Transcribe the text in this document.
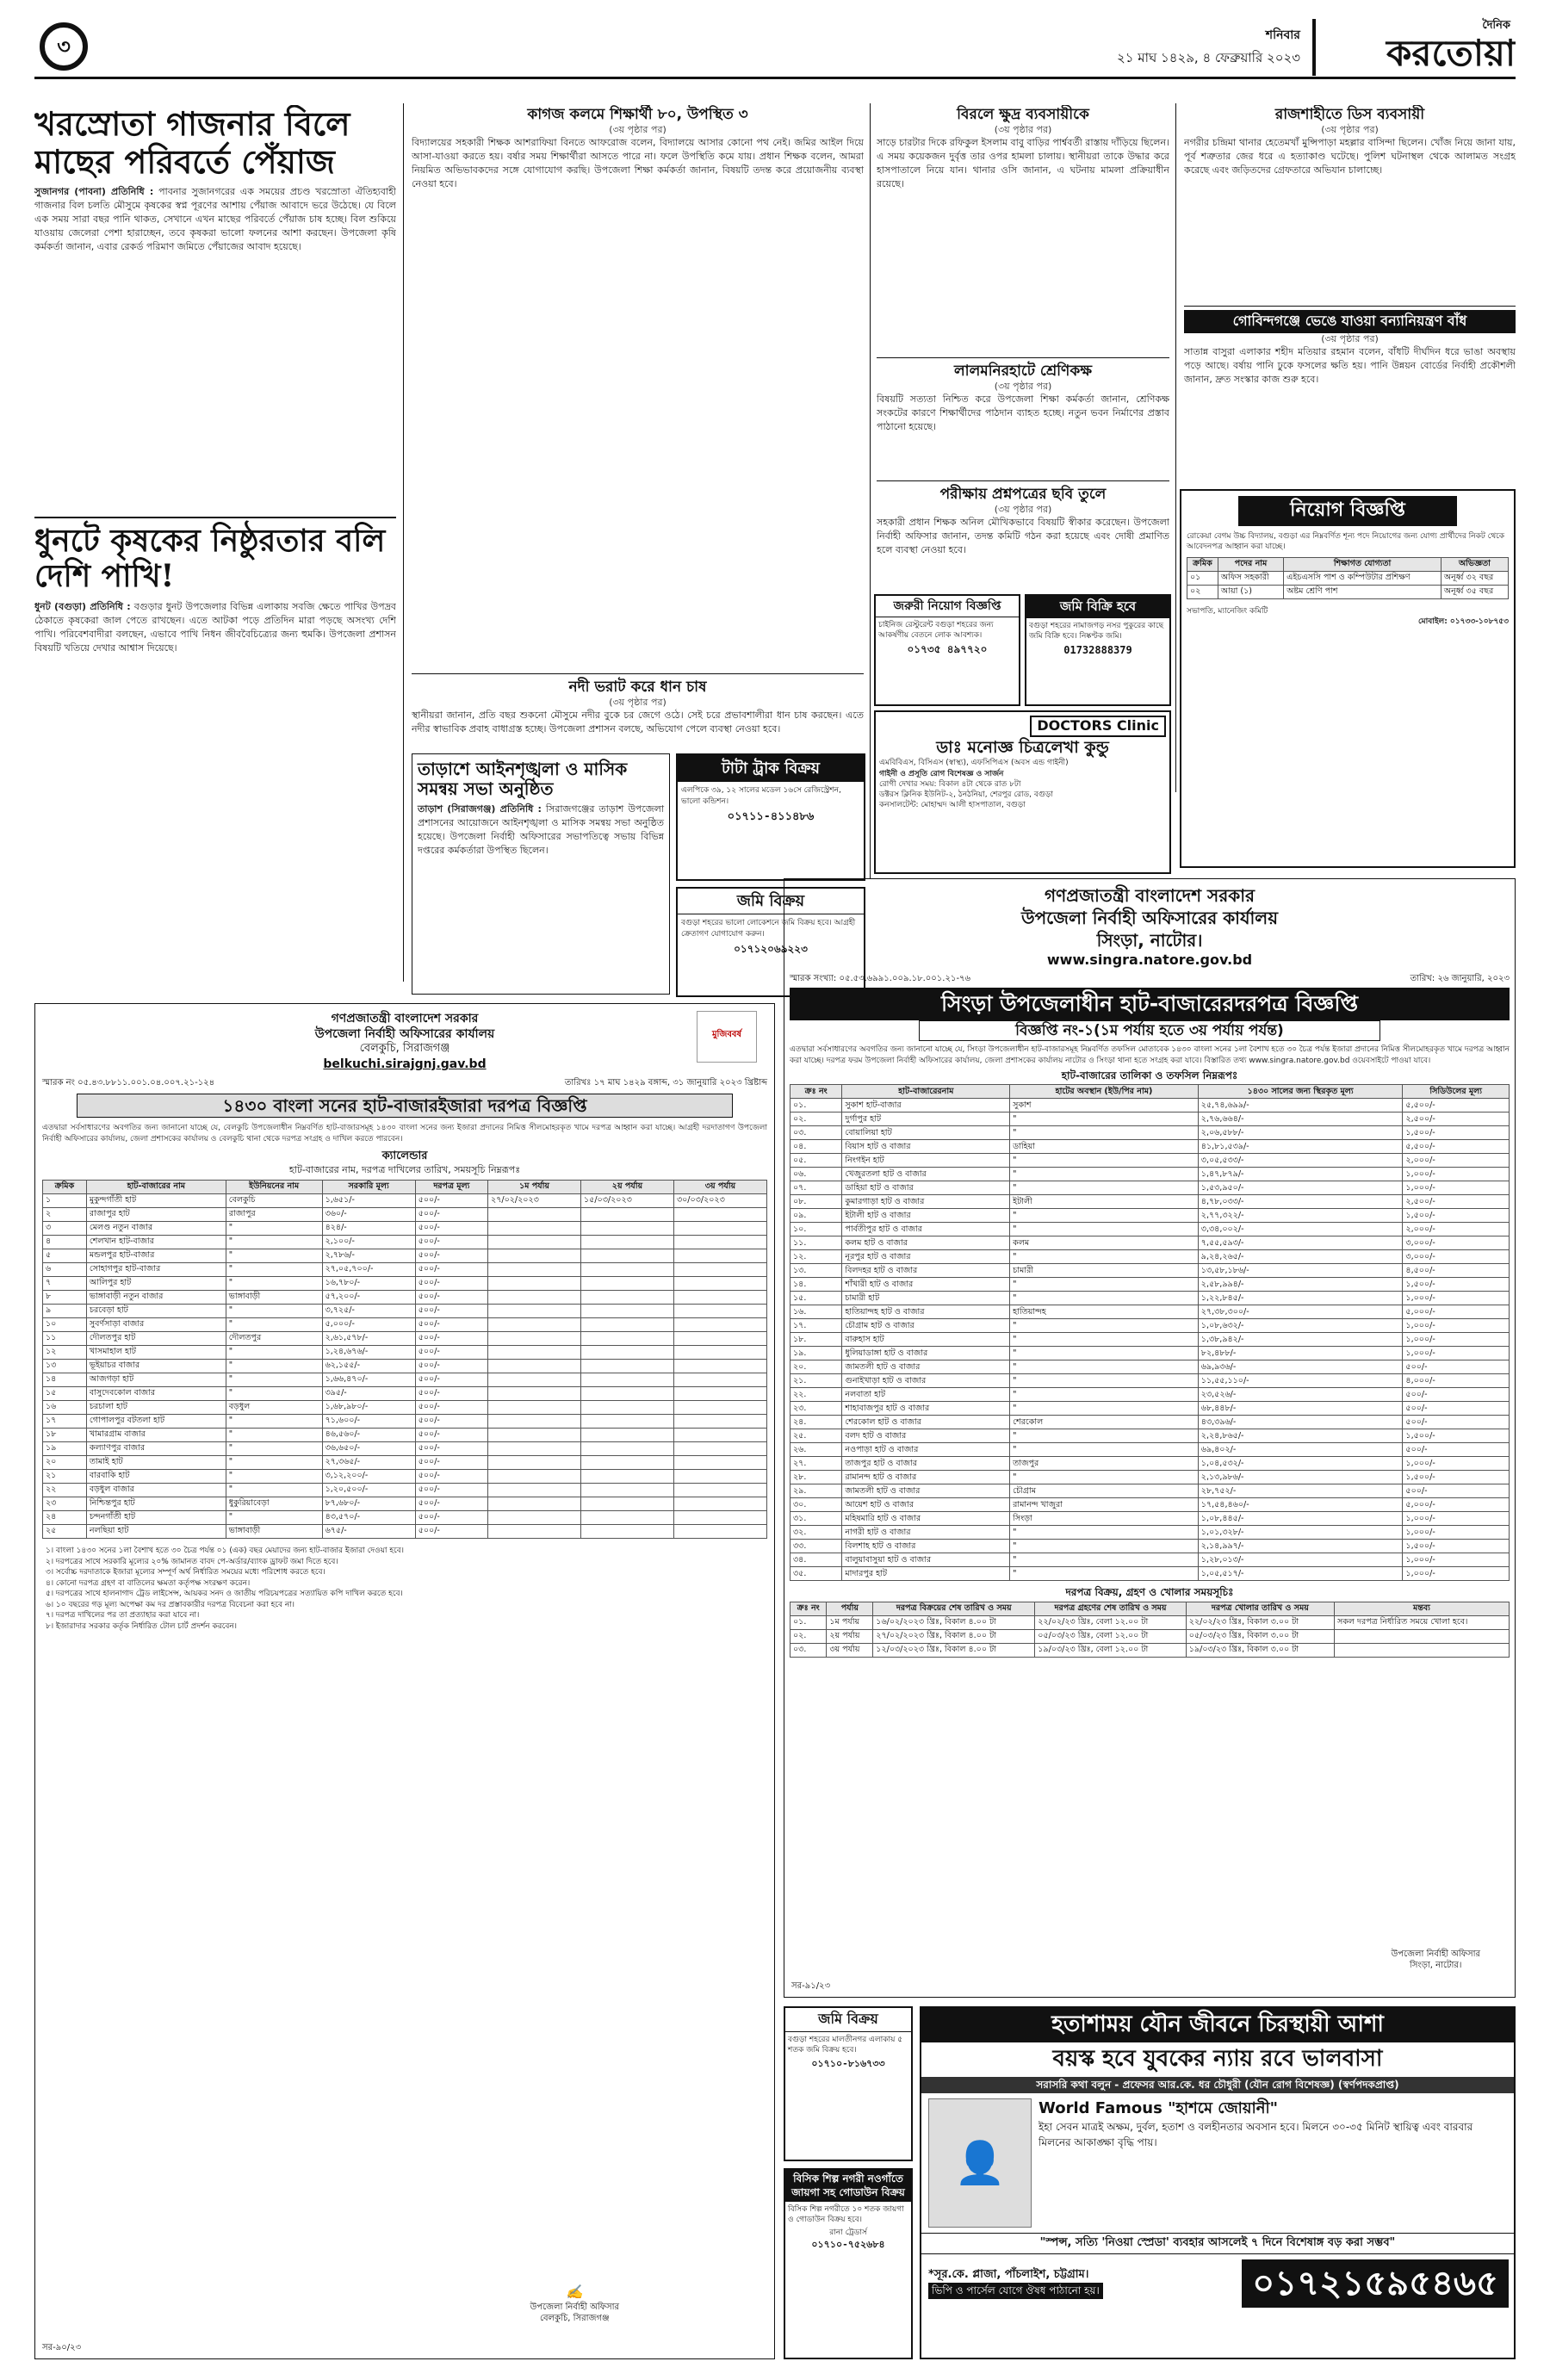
৩	শনিবার
২১ মাঘ ১৪২৯, ৪ ফেব্রুয়ারি ২০২৩
দৈনিক
করতোয়া
খরস্রোতা গাজনার বিলে মাছের পরিবর্তে পেঁয়াজ
সুজানগর (পাবনা) প্রতিনিধি : পাবনার সুজানগরের এক সময়ের প্রচণ্ড খরস্রোতা ঐতিহ্যবাহী গাজনার বিল চলতি মৌসুমে কৃষকের স্বপ্ন পূরণের আশায় পেঁয়াজ আবাদে ভরে উঠেছে। যে বিলে এক সময় সারা বছর পানি থাকত, সেখানে এখন মাছের পরিবর্তে পেঁয়াজ চাষ হচ্ছে। বিল শুকিয়ে যাওয়ায় জেলেরা পেশা হারাচ্ছেন, তবে কৃষকরা ভালো ফলনের আশা করছেন। উপজেলা কৃষি কর্মকর্তা জানান, এবার রেকর্ড পরিমাণ জমিতে পেঁয়াজের আবাদ হয়েছে।
ধুনটে কৃষকের নিষ্ঠুরতার বলি দেশি পাখি!
ধুনট (বগুড়া) প্রতিনিধি : বগুড়ার ধুনট উপজেলার বিভিন্ন এলাকায় সবজি ক্ষেতে পাখির উপদ্রব ঠেকাতে কৃষকেরা জাল পেতে রাখছেন। এতে আটকা পড়ে প্রতিদিন মারা পড়ছে অসংখ্য দেশি পাখি। পরিবেশবাদীরা বলছেন, এভাবে পাখি নিধন জীববৈচিত্র্যের জন্য হুমকি। উপজেলা প্রশাসন বিষয়টি খতিয়ে দেখার আশ্বাস দিয়েছে।
কাগজ কলমে শিক্ষার্থী ৮০, উপস্থিত ৩
(৩য় পৃষ্ঠার পর)
বিদ্যালয়ের সহকারী শিক্ষক আশরাফিয়া বিনতে আফরোজ বলেন, বিদ্যালয়ে আসার কোনো পথ নেই। জমির আইল দিয়ে আসা-যাওয়া করতে হয়। বর্ষার সময় শিক্ষার্থীরা আসতে পারে না। ফলে উপস্থিতি কমে যায়। প্রধান শিক্ষক বলেন, আমরা নিয়মিত অভিভাবকদের সঙ্গে যোগাযোগ করছি। উপজেলা শিক্ষা কর্মকর্তা জানান, বিষয়টি তদন্ত করে প্রয়োজনীয় ব্যবস্থা নেওয়া হবে।
নদী ভরাট করে ধান চাষ
(৩য় পৃষ্ঠার পর)
স্থানীয়রা জানান, প্রতি বছর শুকনো মৌসুমে নদীর বুকে চর জেগে ওঠে। সেই চরে প্রভাবশালীরা ধান চাষ করছেন। এতে নদীর স্বাভাবিক প্রবাহ বাধাগ্রস্ত হচ্ছে। উপজেলা প্রশাসন বলছে, অভিযোগ পেলে ব্যবস্থা নেওয়া হবে।
তাড়াশে আইনশৃঙ্খলা ও মাসিক সমন্বয় সভা অনুষ্ঠিত
তাড়াশ (সিরাজগঞ্জ) প্রতিনিধি : সিরাজগঞ্জের তাড়াশ উপজেলা প্রশাসনের আয়োজনে আইনশৃঙ্খলা ও মাসিক সমন্বয় সভা অনুষ্ঠিত হয়েছে। উপজেলা নির্বাহী অফিসারের সভাপতিত্বে সভায় বিভিন্ন দপ্তরের কর্মকর্তারা উপস্থিত ছিলেন।
টাটা ট্রাক বিক্রয়
এলপিকে ৩৯, ১২ সালের মডেল ১৬সে রেজিস্ট্রেশন, ভালো কন্ডিশন।
০১৭১১-৪১১৪৮৬
জমি বিক্রয়
বগুড়া শহরের ভালো লোকেশনে জমি বিক্রয় হবে। আগ্রহী ক্রেতাগণ যোগাযোগ করুন।
০১৭১২০৬৯২২৩
বিরলে ক্ষুদ্র ব্যবসায়ীকে
(৩য় পৃষ্ঠার পর)
সাড়ে চারটার দিকে রফিকুল ইসলাম বাবু বাড়ির পার্শ্ববর্তী রাস্তায় দাঁড়িয়ে ছিলেন। এ সময় কয়েকজন দুর্বৃত্ত তার ওপর হামলা চালায়। স্থানীয়রা তাকে উদ্ধার করে হাসপাতালে নিয়ে যান। থানার ওসি জানান, এ ঘটনায় মামলা প্রক্রিয়াধীন রয়েছে।
লালমনিরহাটে শ্রেণিকক্ষ
(৩য় পৃষ্ঠার পর)
বিষয়টি সত্যতা নিশ্চিত করে উপজেলা শিক্ষা কর্মকর্তা জানান, শ্রেণিকক্ষ সংকটের কারণে শিক্ষার্থীদের পাঠদান ব্যাহত হচ্ছে। নতুন ভবন নির্মাণের প্রস্তাব পাঠানো হয়েছে।
পরীক্ষায় প্রশ্নপত্রের ছবি তুলে
(৩য় পৃষ্ঠার পর)
সহকারী প্রধান শিক্ষক অনিল মৌখিকভাবে বিষয়টি স্বীকার করেছেন। উপজেলা নির্বাহী অফিসার জানান, তদন্ত কমিটি গঠন করা হয়েছে এবং দোষী প্রমাণিত হলে ব্যবস্থা নেওয়া হবে।
জরুরী নিয়োগ বিজ্ঞপ্তি
চাইনিজ রেস্টুরেন্ট বগুড়া শহরের জন্য আকর্ষণীয় বেতনে লোক আবশ্যক।
০১৭৩৫ ৪৯৭৭২০
জমি বিক্রি হবে
বগুড়া শহরের নামাজগড় নসর পুকুরের কাছে জমি বিক্রি হবে। নিষ্কণ্টক জমি।
01732888379
DOCTORS Clinic
ডাঃ মনোজ্ঞ চিত্রলেখা কুন্ডু
এমবিবিএস, বিসিএস (স্বাস্থ্য), এফসিপিএস (অবস এন্ড গাইনী)
গাইনী ও প্রসূতি রোগ বিশেষজ্ঞ ও সার্জন
রোগী দেখার সময়: বিকাল ৪টা থেকে রাত ৮টা
ডক্টরস ক্লিনিক ইউনিট-২, ঠনঠনিয়া, শেরপুর রোড, বগুড়া
কনসালটেন্ট: মোহাম্মদ আলী হাসপাতাল, বগুড়া
রাজশাহীতে ডিস ব্যবসায়ী
(৩য় পৃষ্ঠার পর)
নগরীর চন্দ্রিমা থানার হেতেমখাঁ মুন্সিপাড়া মহল্লার বাসিন্দা ছিলেন। খোঁজ নিয়ে জানা যায়, পূর্ব শত্রুতার জের ধরে এ হত্যাকাণ্ড ঘটেছে। পুলিশ ঘটনাস্থল থেকে আলামত সংগ্রহ করেছে এবং জড়িতদের গ্রেফতারে অভিযান চালাচ্ছে।
গোবিন্দগঞ্জে ভেঙে যাওয়া বন্যানিয়ন্ত্রণ বাঁধ
(৩য় পৃষ্ঠার পর)
সাতান্ন বাসুরা এলাকার শহীদ মতিয়ার রহমান বলেন, বাঁধটি দীর্ঘদিন ধরে ভাঙা অবস্থায় পড়ে আছে। বর্ষায় পানি ঢুকে ফসলের ক্ষতি হয়। পানি উন্নয়ন বোর্ডের নির্বাহী প্রকৌশলী জানান, দ্রুত সংস্কার কাজ শুরু হবে।
নিয়োগ বিজ্ঞপ্তি
রোকেয়া বেগম উচ্চ বিদ্যালয়, বগুড়া এর নিম্নবর্ণিত শূন্য পদে নিয়োগের জন্য যোগ্য প্রার্থীদের নিকট থেকে আবেদনপত্র আহ্বান করা যাচ্ছে।
ক্রমিক	পদের নাম	শিক্ষাগত যোগ্যতা	অভিজ্ঞতা
০১	অফিস সহকারী	এইচএসসি পাশ ও কম্পিউটার প্রশিক্ষণ	অনূর্ধ্ব ৩২ বছর
০২	আয়া (১)	অষ্টম শ্রেণি পাশ	অনূর্ধ্ব ৩৫ বছর
সভাপতি, ম্যানেজিং কমিটি
মোবাইল: ০১৭৩৩-১০৮৭৫৩
গণপ্রজাতন্ত্রী বাংলাদেশ সরকার
উপজেলা নির্বাহী অফিসারের কার্যালয়
বেলকুচি, সিরাজগঞ্জ
belkuchi.sirajgnj.gav.bd
মুজিববর্ষ
স্মারক নং ০৫.৪৩.৮৮১১.০০১.০৪.০০৭.২১-১২৪	তারিখঃ ১৭ মাঘ ১৪২৯ বঙ্গাব্দ, ৩১ জানুয়ারি ২০২৩ খ্রিষ্টাব্দ
১৪৩০ বাংলা সনের হাট-বাজারইজারা দরপত্র বিজ্ঞপ্তি
এতদ্বারা সর্বসাধারণের অবগতির জন্য জানানো যাচ্ছে যে, বেলকুচি উপজেলাধীন নিম্নবর্ণিত হাট-বাজারসমূহ ১৪৩০ বাংলা সনের জন্য ইজারা প্রদানের নিমিত্ত সীলমোহরকৃত খামে দরপত্র আহ্বান করা যাচ্ছে। আগ্রহী দরদাতাগণ উপজেলা নির্বাহী অফিসারের কার্যালয়, জেলা প্রশাসকের কার্যালয় ও বেলকুচি থানা থেকে দরপত্র সংগ্রহ ও দাখিল করতে পারবেন।
ক্যালেন্ডার
হাট-বাজারের নাম, দরপত্র দাখিলের তারিখ, সময়সূচি নিম্নরূপঃ
ক্রমিক	হাট-বাজারের নাম	ইউনিয়নের নাম	সরকারি মূল্য	দরপত্র মূল্য	১ম পর্যায়	২য় পর্যায়	৩য় পর্যায়
১	মুকুন্দগাঁতী হাট	বেলকুচি	১,৬৫১/-	৫০০/-	২৭/০২/২০২৩	১৫/০৩/২০২৩	৩০/০৩/২০২৩
২	রাজাপুর হাট	রাজাপুর	৩৬০/-	৫০০/-			
৩	মেলণ্ড নতুন বাজার	"	৪২৪/-	৫০০/-			
৪	শেলখান হাট-বাজার	"	২,১০০/-	৫০০/-			
৫	মন্ডলপুর হাট-বাজার	"	২,৭৮৬/-	৫০০/-			
৬	সোহাগপুর হাট-বাজার	"	২৭,০৫,৭০০/-	৫০০/-			
৭	আলিপুর হাট	"	১৬,৭৮০/-	৫০০/-			
৮	ভাঙ্গাবাড়ী নতুন বাজার	ভাঙ্গাবাড়ী	৫৭,২০০/-	৫০০/-			
৯	চরবেড়া হাট	"	৩,৭২৫/-	৫০০/-			
১০	সুবর্ণসাড়া বাজার	"	৫,০০০/-	৫০০/-			
১১	দৌলতপুর হাট	দৌলতপুর	২,৬১,৫৭৮/-	৫০০/-			
১২	খাসমাহাল হাট	"	১,২৪,৬৭৬/-	৫০০/-			
১৩	ভূইয়াচর বাজার	"	৬২,১৫৫/-	৫০০/-			
১৪	আজগড়া হাট	"	১,৬৬,৪৭০/-	৫০০/-			
১৫	বাসুদেবকোল বাজার	"	৩৯৫/-	৫০০/-			
১৬	চরচালা হাট	বড়ধুল	১,৬৮,৯৮০/-	৫০০/-			
১৭	গোপালপুর বটতলা হাট	"	৭১,৬০০/-	৫০০/-			
১৮	খামারগ্রাম বাজার	"	৪৬,৫৬০/-	৫০০/-			
১৯	কল্যাণপুর বাজার	"	৩৬,৬৫০/-	৫০০/-			
২০	তামাই হাট	"	২৭,৩৬৫/-	৫০০/-			
২১	বারবাকি হাট	"	৩,১২,২০০/-	৫০০/-			
২২	বড়ধুল বাজার	"	১,২০,৫০০/-	৫০০/-			
২৩	নিশ্চিন্তপুর হাট	ধুকুরিয়াবেড়া	৮৭,৬৮০/-	৫০০/-			
২৪	চন্দনগাঁতী হাট	"	৪৩,৫৭০/-	৫০০/-			
২৫	নলছিয়া হাট	ভাঙ্গাবাড়ী	৬৭৫/-	৫০০/-			
১। বাংলা ১৪৩০ সনের ১লা বৈশাখ হতে ৩০ চৈত্র পর্যন্ত ০১ (এক) বছর মেয়াদের জন্য হাট-বাজার ইজারা দেওয়া হবে।
২। দরপত্রের সাথে সরকারি মূল্যের ২০% জামানত বাবদ পে-অর্ডার/ব্যাংক ড্রাফট জমা দিতে হবে।
৩। সর্বোচ্চ দরদাতাকে ইজারা মূল্যের সম্পূর্ণ অর্থ নির্ধারিত সময়ের মধ্যে পরিশোধ করতে হবে।
৪। কোনো দরপত্র গ্রহণ বা বাতিলের ক্ষমতা কর্তৃপক্ষ সংরক্ষণ করেন।
৫। দরপত্রের সাথে হালনাগাদ ট্রেড লাইসেন্স, আয়কর সনদ ও জাতীয় পরিচয়পত্রের সত্যায়িত কপি দাখিল করতে হবে।
৬। ১০ বছরের গড় মূল্য অপেক্ষা কম দর প্রস্তাবকারীর দরপত্র বিবেচনা করা হবে না।
৭। দরপত্র দাখিলের পর তা প্রত্যাহার করা যাবে না।
৮। ইজারাদার সরকার কর্তৃক নির্ধারিত টোল চার্ট প্রদর্শন করবেন।
✍
উপজেলা নির্বাহী অফিসার
বেলকুচি, সিরাজগঞ্জ
সর-৯০/২৩
গণপ্রজাতন্ত্রী বাংলাদেশ সরকার
উপজেলা নির্বাহী অফিসারের কার্যালয়
সিংড়া, নাটোর।
www.singra.natore.gov.bd
স্মারক সংখ্যা: ০৫.৫৩.৬৯৯১.০০৯.১৮.০০১.২১-৭৬	তারিখ: ২৬ জানুয়ারি, ২০২৩
সিংড়া উপজেলাধীন হাট-বাজারেরদরপত্র বিজ্ঞপ্তি
বিজ্ঞপ্তি নং-১(১ম পর্যায় হতে ৩য় পর্যায় পর্যন্ত)
এতদ্বারা সর্বসাধারণের অবগতির জন্য জানানো যাচ্ছে যে, সিংড়া উপজেলাধীন হাট-বাজারসমূহ নিম্নবর্ণিত তফসিল মোতাবেক ১৪৩০ বাংলা সনের ১লা বৈশাখ হতে ৩০ চৈত্র পর্যন্ত ইজারা প্রদানের নিমিত্ত সীলমোহরকৃত খামে দরপত্র আহ্বান করা যাচ্ছে। দরপত্র ফরম উপজেলা নির্বাহী অফিসারের কার্যালয়, জেলা প্রশাসকের কার্যালয় নাটোর ও সিংড়া থানা হতে সংগ্রহ করা যাবে। বিস্তারিত তথ্য www.singra.natore.gov.bd ওয়েবসাইটে পাওয়া যাবে।
হাট-বাজারের তালিকা ও তফসিল নিম্নরূপঃ
ক্রঃ নং	হাট-বাজারেরনাম	হাটের অবস্থান (ইউ/পির নাম)	১৪৩০ সালের জন্য স্থিরকৃত মূল্য	সিডিউলের মূল্য
০১.	সুকাশ হাট-বাজার	সুকাশ	২৫,৭৪,৬৯৯/-	৫,৫০০/-
০২.	দুর্গাপুর হাট	"	২,৭৬,৬৬৪/-	২,৫০০/-
০৩.	বোয়ালিয়া হাট	"	২,০৬,৫৮৮/-	১,৫০০/-
০৪.	বিয়াস হাট ও বাজার	ডাহিয়া	৪১,৮১,৫৩৯/-	৫,৫০০/-
০৫.	নিংগইন হাট	"	৩,০৫,৫৩৩/-	২,০০০/-
০৬.	খেজুরতলা হাট ও বাজার	"	১,৪৭,৮৭৯/-	১,০০০/-
০৭.	ডাহিয়া হাট ও বাজার	"	১,৫৩,৯৫০/-	১,০০০/-
০৮.	কুমারগাড়া হাট ও বাজার	ইটালী	৪,৭৮,০৩৩/-	২,৫০০/-
০৯.	ইটালী হাট ও বাজার	"	২,৭৭,৩২২/-	১,৫০০/-
১০.	পার্বতীপুর হাট ও বাজার	"	৩,৩৪,০০২/-	২,০০০/-
১১.	কলম হাট ও বাজার	কলম	৭,৫৫,৫৯৩/-	৩,০০০/-
১২.	নূরপুর হাট ও বাজার	"	৯,২৪,২৬৫/-	৩,০০০/-
১৩.	বিলদহর হাট ও বাজার	চামারী	১৩,৫৮,১৮৬/-	৪,৫০০/-
১৪.	শাঁখারী হাট ও বাজার	"	২,৫৮,৯৯৪/-	১,৫০০/-
১৫.	চামারী হাট	"	১,২২,৮৪৫/-	১,০০০/-
১৬.	হাতিয়ান্দহ হাট ও বাজার	হাতিয়ান্দহ	২৭,৩৮,৩০০/-	৫,০০০/-
১৭.	চৌগ্রাম হাট ও বাজার	"	১,০৮,৬৩২/-	১,০০০/-
১৮.	বারুহাস হাট	"	১,৩৮,৯৪২/-	১,০০০/-
১৯.	ধুলিয়াডাঙ্গা হাট ও বাজার	"	৮২,৪৮৮/-	১,০০০/-
২০.	জামতলী হাট ও বাজার	"	৬৯,৯৩৬/-	৫০০/-
২১.	গুনাইখাড়া হাট ও বাজার	"	১১,৫৫,১১০/-	৪,০০০/-
২২.	নলবাতা হাট	"	২৩,৫২৬/-	৫০০/-
২৩.	শাহাবাজপুর হাট ও বাজার	"	৬৮,৪৪৮/-	৫০০/-
২৪.	শেরকোল হাট ও বাজার	শেরকোল	৪৩,৩৯৬/-	৫০০/-
২৫.	বলদ হাট ও বাজার	"	২,২৪,৮৬৫/-	১,৫০০/-
২৬.	নওপাড়া হাট ও বাজার	"	৬৯,৪০২/-	৫০০/-
২৭.	তাজপুর হাট ও বাজার	তাজপুর	১,০৪,৫৩২/-	১,০০০/-
২৮.	রামানন্দ হাট ও বাজার	"	২,১৩,৯৮৬/-	১,৫০০/-
২৯.	জামতলী হাট ও বাজার	চৌগ্রাম	২৮,৭৫২/-	৫০০/-
৩০.	আয়েশ হাট ও বাজার	রামানন্দ খাজুরা	১৭,৫৪,৪৬০/-	৫,০০০/-
৩১.	মহিষমারি হাট ও বাজার	সিংড়া	১,০৮,৪৪৫/-	১,০০০/-
৩২.	নাগরী হাট ও বাজার	"	১,০১,৩২৮/-	১,০০০/-
৩৩.	বিলশাহ হাট ও বাজার	"	২,১৪,৯৯৭/-	১,৫০০/-
৩৪.	বালুয়াবাসুয়া হাট ও বাজার	"	১,২৮,০১৩/-	১,০০০/-
৩৫.	মাদারপুর হাট	"	১,০৫,৫১৭/-	১,০০০/-
দরপত্র বিক্রয়, গ্রহণ ও খোলার সময়সূচিঃ
ক্রঃ নং	পর্যায়	দরপত্র বিক্রয়ের শেষ তারিখ ও সময়	দরপত্র গ্রহণের শেষ তারিখ ও সময়	দরপত্র খোলার তারিখ ও সময়	মন্তব্য
০১.	১ম পর্যায়	১৬/০২/২০২৩ খ্রিঃ, বিকাল ৪.০০ টা	২২/০২/২৩ খ্রিঃ, বেলা ১২.০০ টা	২২/০২/২৩ খ্রিঃ, বিকাল ৩.০০ টা	সকল দরপত্র নির্ধারিত সময়ে খোলা হবে।
০২.	২য় পর্যায়	২৭/০২/২০২৩ খ্রিঃ, বিকাল ৪.০০ টা	০৫/০৩/২৩ খ্রিঃ, বেলা ১২.০০ টা	০৫/০৩/২৩ খ্রিঃ, বিকাল ৩.০০ টা	
০৩.	৩য় পর্যায়	১২/০৩/২০২৩ খ্রিঃ, বিকাল ৪.০০ টা	১৯/০৩/২৩ খ্রিঃ, বেলা ১২.০০ টা	১৯/০৩/২৩ খ্রিঃ, বিকাল ৩.০০ টা	
উপজেলা নির্বাহী অফিসার
সিংড়া, নাটোর।
সর-৯১/২৩
জমি বিক্রয়
বগুড়া শহরের মালতীনগর এলাকায় ৫ শতক জমি বিক্রয় হবে।
০১৭১০-৮১৬৭৩৩
বিসিক শিল্প নগরী নওগাঁতে জায়গা সহ গোডাউন বিক্রয়
বিসিক শিল্প নগরীতে ১০ শতক জায়গা ও গোডাউন বিক্রয় হবে।
রানা ট্রেডার্স
০১৭১০-৭৫২৬৮৪
হতাশাময় যৌন জীবনে চিরস্থায়ী আশা
বয়স্ক হবে যুবকের ন্যায় রবে ভালবাসা
সরাসরি কথা বলুন - প্রফেসর আর.কে. ধর চৌধুরী (যৌন রোগ বিশেষজ্ঞ) (স্বর্ণপদকপ্রাপ্ত)
👤
World Famous "হাশমে জোয়ানী"
ইহা সেবন মাত্রই অক্ষম, দুর্বল, হতাশ ও বলহীনতার অবসান হবে। মিলনে ৩০-৩৫ মিনিট স্থায়িত্ব এবং বারবার মিলনের আকাঙ্ক্ষা বৃদ্ধি পায়।
"স্পন্স, সত্যি 'নিওয়া স্প্রেডা' ব্যবহার আসলেই ৭ দিনে বিশেষাঙ্গ বড় করা সম্ভব"
*সূর.কে. প্লাজা, পাঁচলাইশ, চট্টগ্রাম।
ভিপি ও পার্সেল যোগে ঔষধ পাঠানো হয়।	০১৭২১৫৯৫৪৬৫
